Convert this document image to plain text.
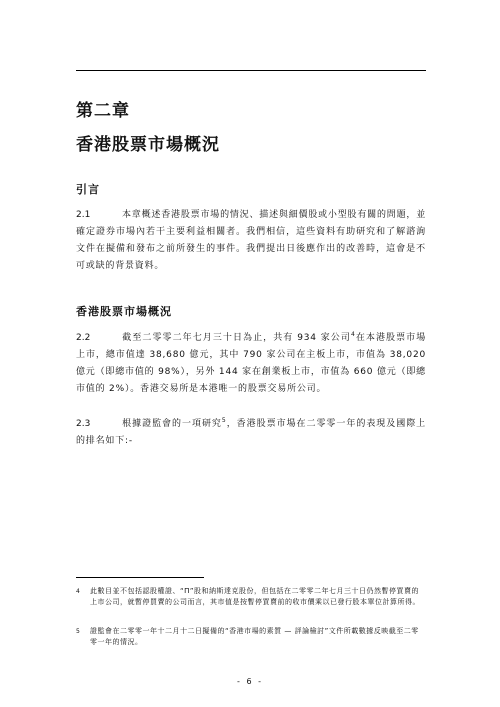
第二章
香港股票市場概況
引言

2.1	本章概述香港股票市場的情況、描述與細價股或小型股有關的問題，並確定證券市場內若干主要利益相關者。我們相信，這些資料有助研究和了解諮詢文件在擬備和發布之前所發生的事件。我們提出日後應作出的改善時，這會是不可或缺的背景資料。

香港股票市場概況

2.2	截至二零零二年七月三十日為止，共有 934 家公司$^4$在本港股票市場上市，總市值達 38,680 億元，其中 790 家公司在主板上市，市值為 38,020 億元（即總市值的 98%），另外 144 家在創業板上市，市值為 660 億元（即總市值的 2%）。香港交易所是本港唯一的股票交易所公司。

2.3	根據證監會的一項研究$^5$，香港股票市場在二零零一年的表現及國際上的排名如下:-

4 此數目並不包括認股權證、“Π”股和納斯達克股份，但包括在二零零二年七月三十日仍然暫停買賣的上市公司，就暫停買賣的公司而言，其市值是按暫停買賣前的收市價乘以已發行股本單位計算所得。
5 證監會在二零零一年十二月十二日擬備的“香港市場的素質 — 評論檢討”文件所載數據反映截至二零零一年的情況。
- 6 -
